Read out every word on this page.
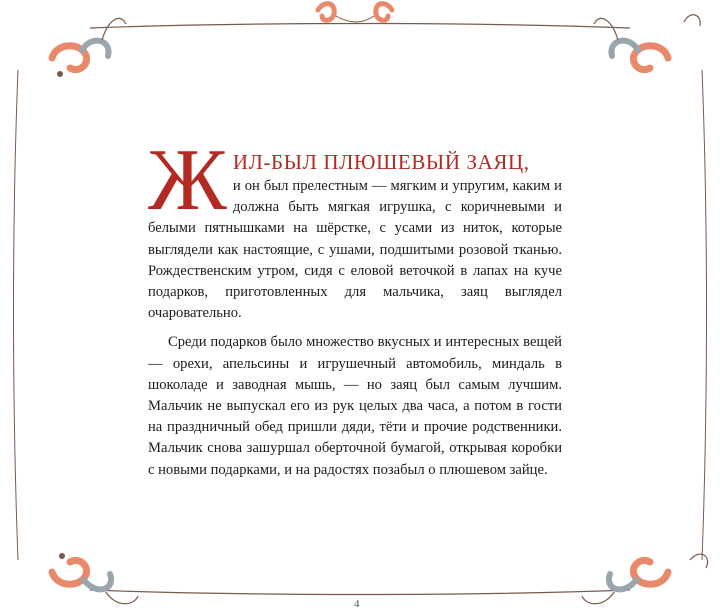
Ж ИЛ-БЫЛ ПЛЮШЕВЫЙ ЗАЯЦ,

и он был прелестным — мягким и упругим, каким и должна быть мягкая игрушка, с коричневыми и белыми пятнышками на шёрстке, с усами из ниток, которые выглядели как настоящие, с ушами, подшитыми розовой тканью. Рождественским утром, сидя с еловой веточкой в лапах на куче подарков, приготовленных для мальчика, заяц выглядел очаровательно.

Среди подарков было множество вкусных и интересных вещей — орехи, апельсины и игрушечный автомобиль, миндаль в шоколаде и заводная мышь, — но заяц был самым лучшим. Мальчик не выпускал его из рук целых два часа, а потом в гости на праздничный обед пришли дяди, тёти и прочие родственники. Мальчик снова зашуршал оберточной бумагой, открывая коробки с новыми подарками, и на радостях позабыл о плюшевом зайце.

4
